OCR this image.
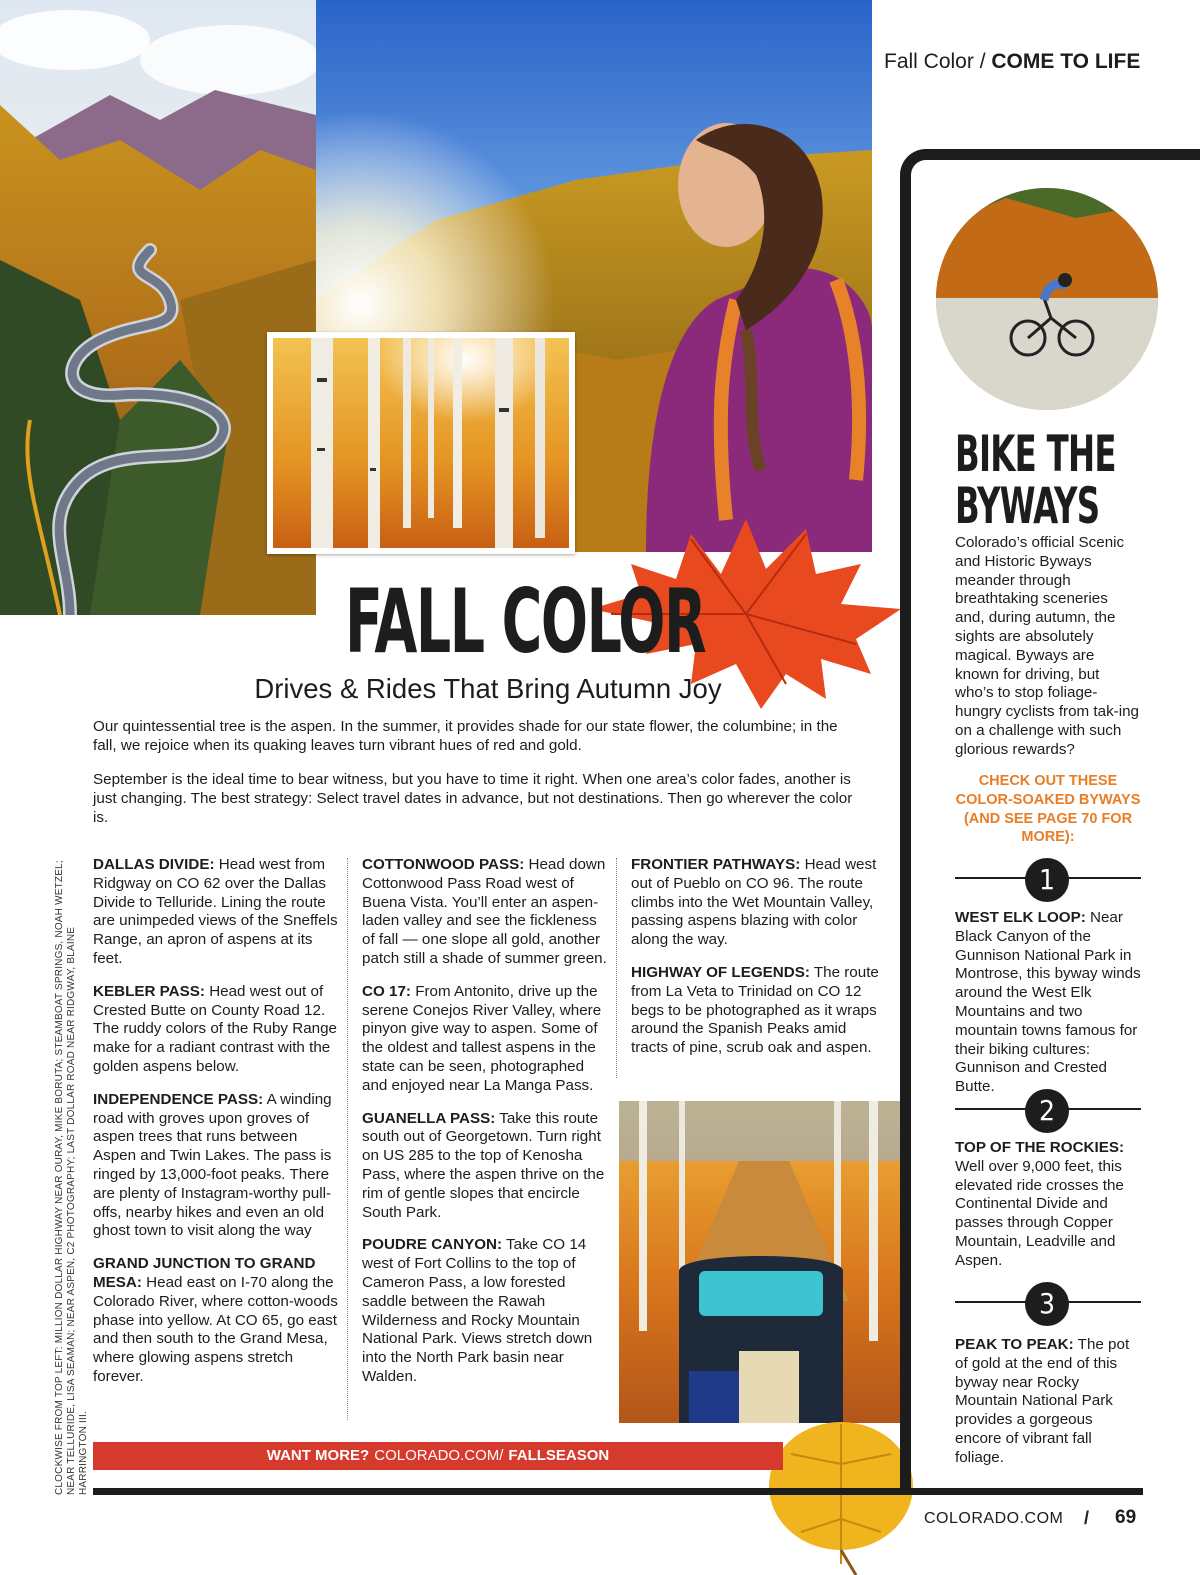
Fall Color / COME TO LIFE
BIKE THE
BYWAYS
Colorado’s official Scenic and Historic Byways meander through breathtaking sceneries and, during autumn, the sights are absolutely magical. Byways are known for driving, but who’s to stop foliage-hungry cyclists from tak-ing on a challenge with such glorious rewards?
CHECK OUT THESE COLOR-SOAKED BYWAYS (AND SEE PAGE 70 FOR MORE):
1
WEST ELK LOOP: Near Black Canyon of the Gunnison National Park in Montrose, this byway winds around the West Elk Mountains and two mountain towns famous for their biking cultures: Gunnison and Crested Butte.
2
TOP OF THE ROCKIES: Well over 9,000 feet, this elevated ride crosses the Continental Divide and passes through Copper Mountain, Leadville and Aspen.
3
PEAK TO PEAK: The pot of gold at the end of this byway near Rocky Mountain National Park provides a gorgeous encore of vibrant fall foliage.
FALL COLOR
Drives & Rides That Bring Autumn Joy
Our quintessential tree is the aspen. In the summer, it provides shade for our state flower, the columbine; in the fall, we rejoice when its quaking leaves turn vibrant hues of red and gold.
September is the ideal time to bear witness, but you have to time it right. When one area’s color fades, another is just changing. The best strategy: Select travel dates in advance, but not destinations. Then go wherever the color is.

DALLAS DIVIDE: Head west from Ridgway on CO 62 over the Dallas Divide to Telluride. Lining the route are unimpeded views of the Sneffels Range, an apron of aspens at its feet.

KEBLER PASS: Head west out of Crested Butte on County Road 12. The ruddy colors of the Ruby Range make for a radiant contrast with the golden aspens below.

INDEPENDENCE PASS: A winding road with groves upon groves of aspen trees that runs between Aspen and Twin Lakes. The pass is ringed by 13,000-foot peaks. There are plenty of Instagram-worthy pull-offs, nearby hikes and even an old ghost town to visit along the way

GRAND JUNCTION TO GRAND MESA: Head east on I-70 along the Colorado River, where cotton-woods phase into yellow. At CO 65, go east and then south to the Grand Mesa, where glowing aspens stretch forever.

COTTONWOOD PASS: Head down Cottonwood Pass Road west of Buena Vista. You’ll enter an aspen-laden valley and see the fickleness of fall — one slope all gold, another patch still a shade of summer green.

CO 17: From Antonito, drive up the serene Conejos River Valley, where pinyon give way to aspen. Some of the oldest and tallest aspens in the state can be seen, photographed and enjoyed near La Manga Pass.

GUANELLA PASS: Take this route south out of Georgetown. Turn right on US 285 to the top of Kenosha Pass, where the aspen thrive on the rim of gentle slopes that encircle South Park.

POUDRE CANYON: Take CO 14 west of Fort Collins to the top of Cameron Pass, a low forested saddle between the Rawah Wilderness and Rocky Mountain National Park. Views stretch down into the North Park basin near Walden.

FRONTIER PATHWAYS: Head west out of Pueblo on CO 96. The route climbs into the Wet Mountain Valley, passing aspens blazing with color along the way.

HIGHWAY OF LEGENDS: The route from La Veta to Trinidad on CO 12 begs to be photographed as it wraps around the Spanish Peaks amid tracts of pine, scrub oak and aspen.

WANT MORE? COLORADO.COM/ FALLSEASON
CLOCKWISE FROM TOP LEFT: MILLION DOLLAR HIGHWAY NEAR OURAY, MIKE BORUTA; STEAMBOAT SPRINGS, NOAH WETZEL; NEAR TELLURIDE, LISA SEAMAN; NEAR ASPEN, C2 PHOTOGRAPHY; LAST DOLLAR ROAD NEAR RIDGWAY, BLAINE HARRINGTON III.
COLORADO.COM / 69
